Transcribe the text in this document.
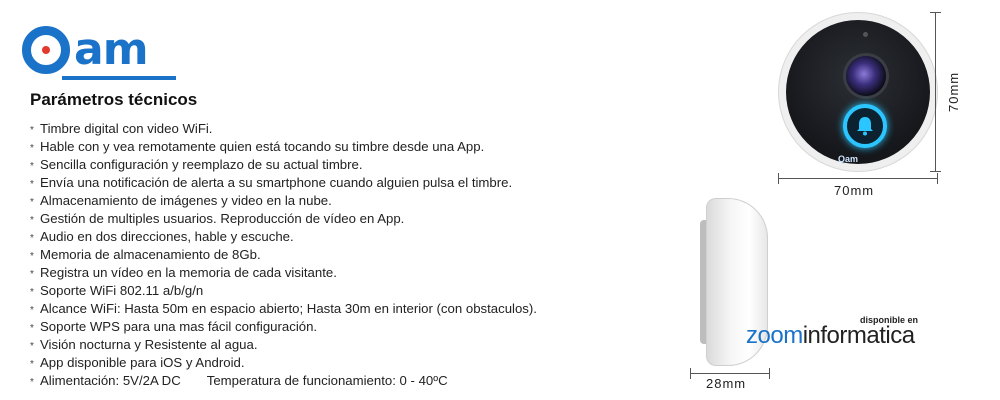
am
Parámetros técnicos
* Timbre digital con video WiFi.
* Hable con y vea remotamente quien está tocando su timbre desde una App.
* Sencilla configuración y reemplazo de su actual timbre.
* Envía una notificación de alerta a su smartphone cuando alguien pulsa el timbre.
* Almacenamiento de imágenes y video en la nube.
* Gestión de multiples usuarios. Reproducción de vídeo en App.
* Audio en dos direcciones, hable y escuche.
* Memoria de almacenamiento de 8Gb.
* Registra un vídeo en la memoria de cada visitante.
* Soporte WiFi 802.11 a/b/g/n
* Alcance WiFi: Hasta 50m en espacio abierto; Hasta 30m en interior (con obstaculos).
* Soporte WPS para una mas fácil configuración.
* Visión nocturna y Resistente al agua.
* App disponible para iOS y Android.
* Alimentación: 5V/2A DC Temperatura de funcionamiento: 0 - 40ºC
Qam
70mm
70mm
28mm
disponible en
zoominformatica
